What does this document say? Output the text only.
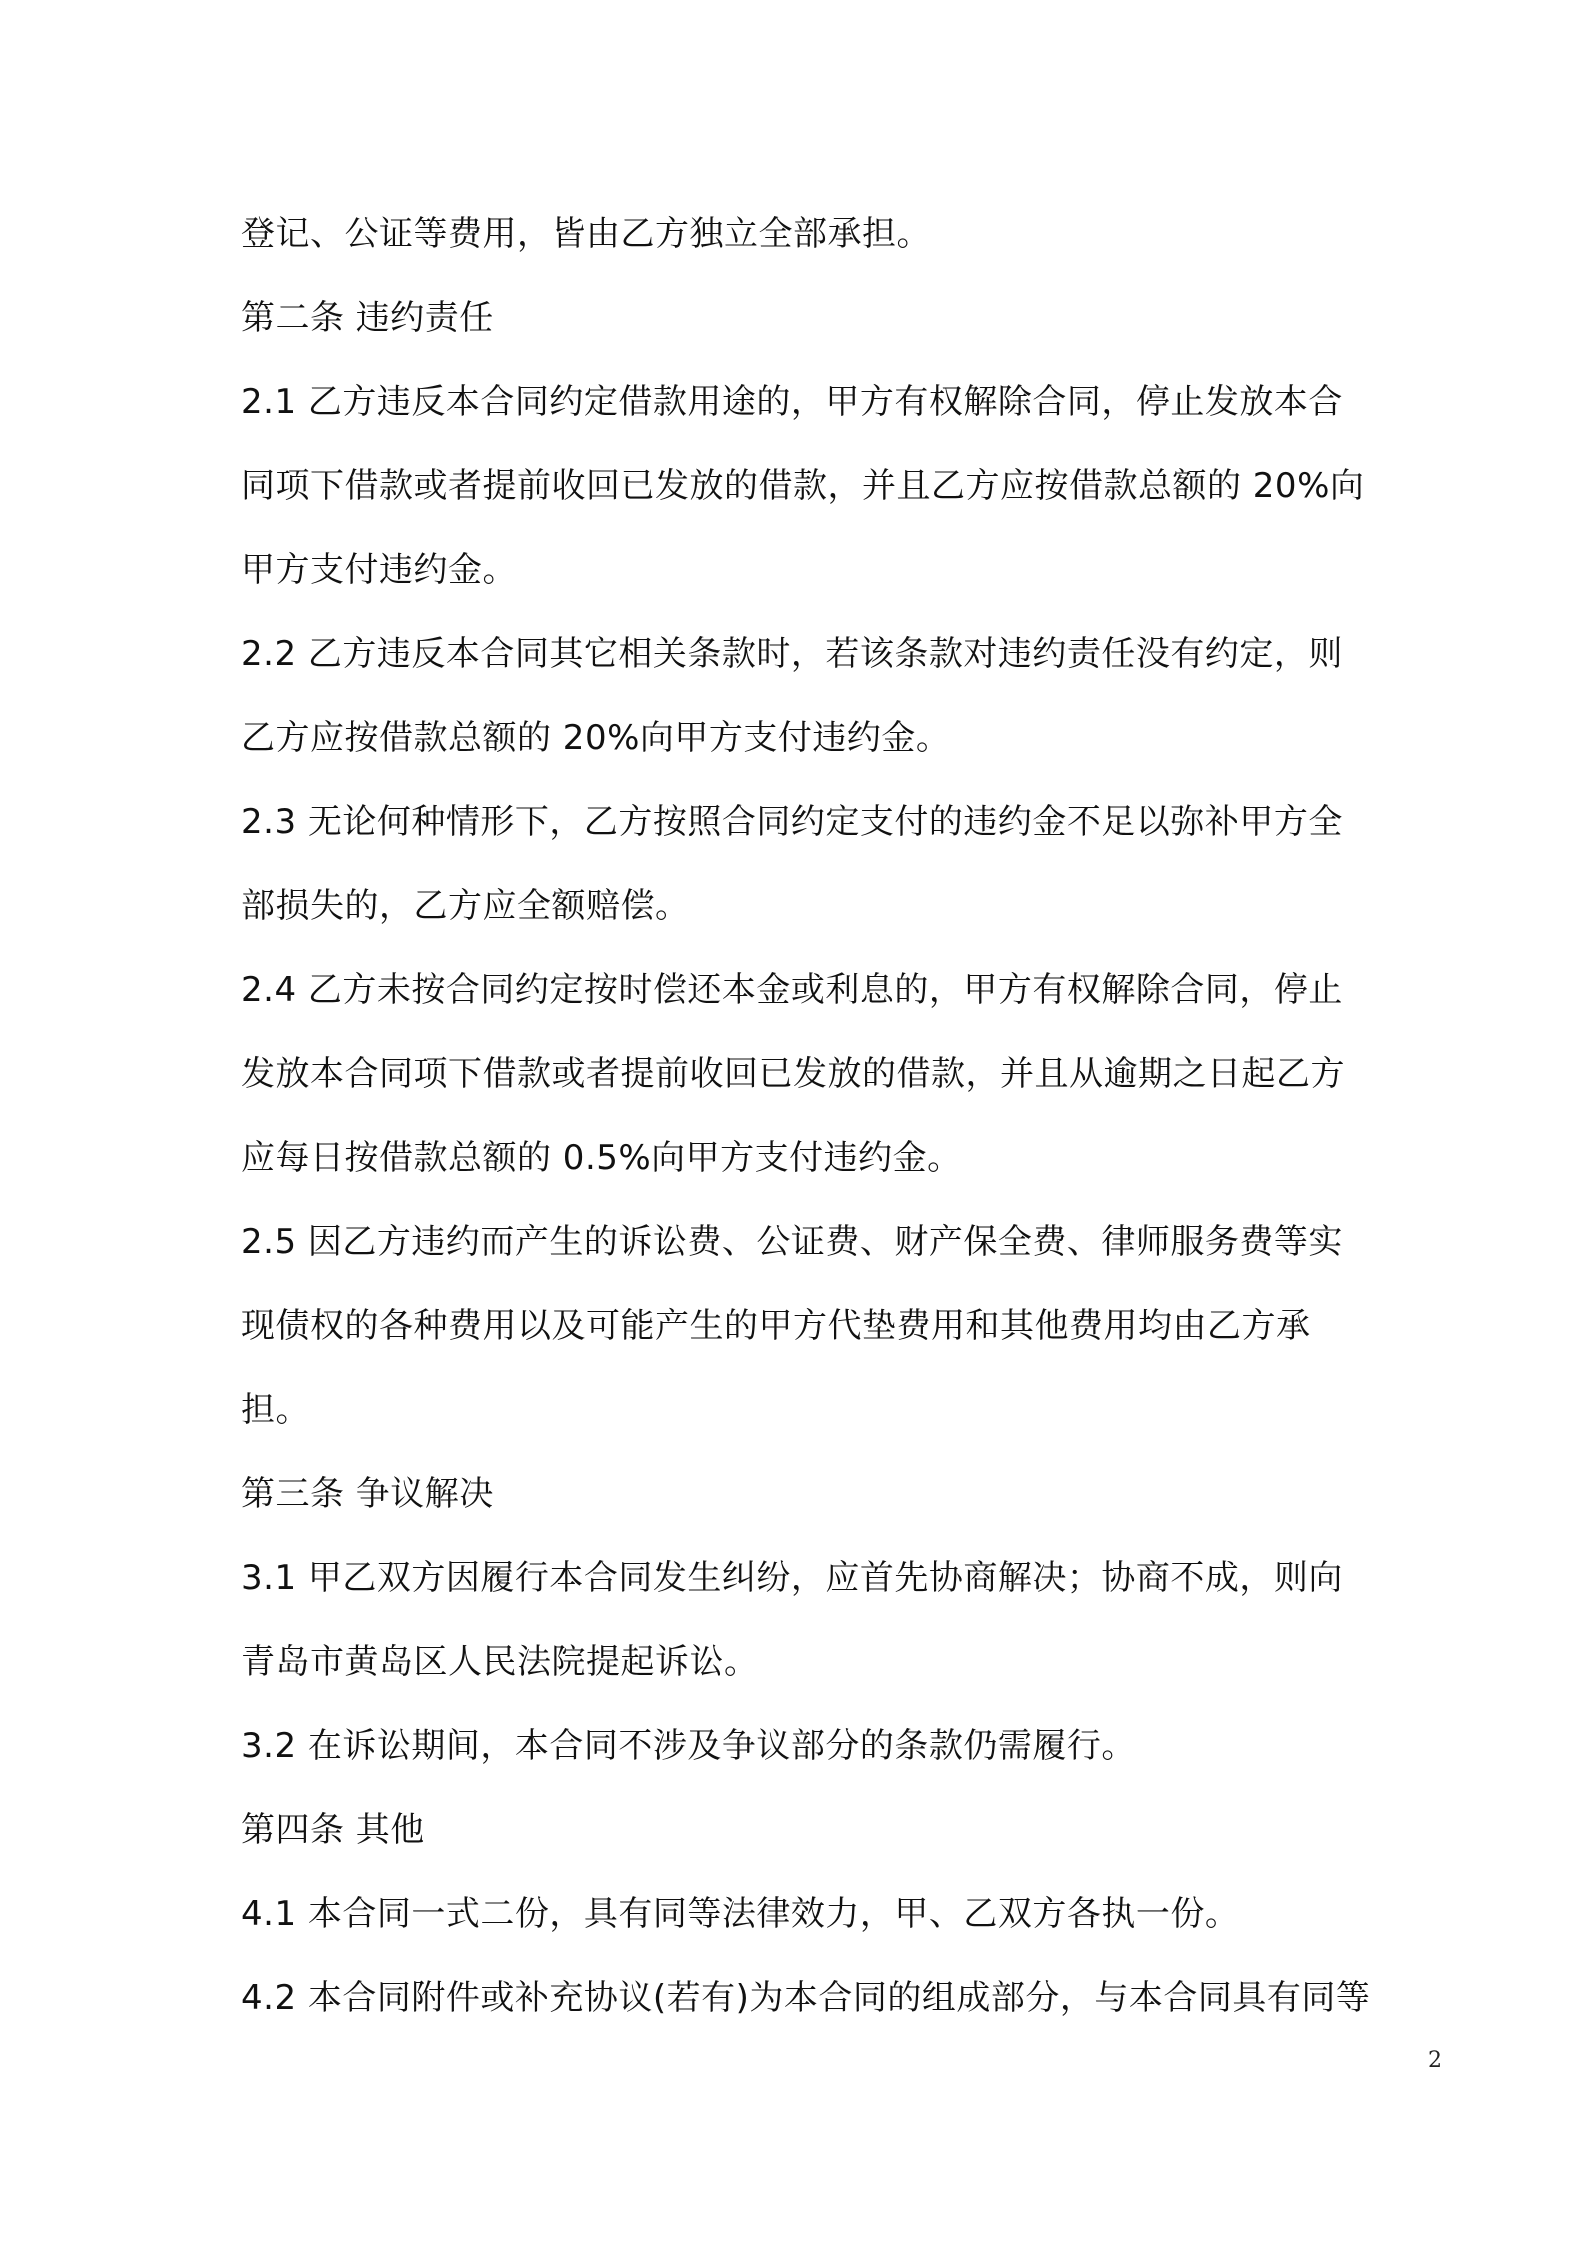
登记、公证等费用，皆由乙方独立全部承担。

第二条 违约责任

2.1 乙方违反本合同约定借款用途的，甲方有权解除合同，停止发放本合

同项下借款或者提前收回已发放的借款，并且乙方应按借款总额的 20%向

甲方支付违约金。

2.2 乙方违反本合同其它相关条款时，若该条款对违约责任没有约定，则

乙方应按借款总额的 20%向甲方支付违约金。

2.3 无论何种情形下，乙方按照合同约定支付的违约金不足以弥补甲方全

部损失的，乙方应全额赔偿。

2.4 乙方未按合同约定按时偿还本金或利息的，甲方有权解除合同，停止

发放本合同项下借款或者提前收回已发放的借款，并且从逾期之日起乙方

应每日按借款总额的 0.5%向甲方支付违约金。

2.5 因乙方违约而产生的诉讼费、公证费、财产保全费、律师服务费等实

现债权的各种费用以及可能产生的甲方代垫费用和其他费用均由乙方承

担。

第三条 争议解决

3.1 甲乙双方因履行本合同发生纠纷，应首先协商解决；协商不成，则向

青岛市黄岛区人民法院提起诉讼。

3.2 在诉讼期间，本合同不涉及争议部分的条款仍需履行。

第四条 其他

4.1 本合同一式二份，具有同等法律效力，甲、乙双方各执一份。

4.2 本合同附件或补充协议(若有)为本合同的组成部分，与本合同具有同等

2
